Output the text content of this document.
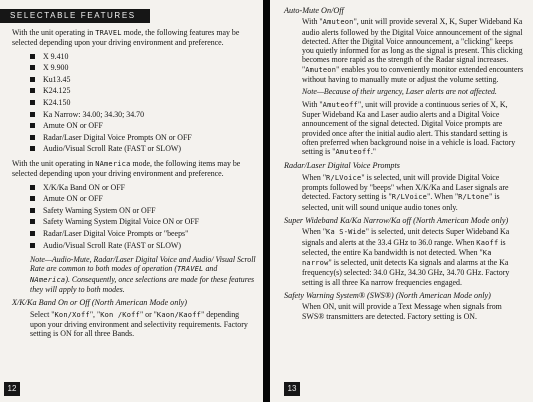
SELECTABLE FEATURES

With the unit operating in TRAVEL mode, the following features may be selected depending upon your driving environment and preference.

X 9.410
X 9.900
Ku13.45
K24.125
K24.150
Ka Narrow: 34.00; 34.30; 34.70
Amute ON or OFF
Radar/Laser Digital Voice Prompts ON or OFF
Audio/Visual Scroll Rate (FAST or SLOW)

With the unit operating in NAmerica mode, the following items may be selected depending upon your driving environment and preference.

X/K/Ka Band ON or OFF
Amute ON or OFF
Safety Warning System ON or OFF
Safety Warning System Digital Voice ON or OFF
Radar/Laser Digital Voice Prompts or "beeps"
Audio/Visual Scroll Rate (FAST or SLOW)

Note—Audio-Mute, Radar/Laser Digital Voice and Audio/ Visual Scroll Rate are common to both modes of operation (TRAVEL and NAmerica). Consequently, once selections are made for these features they will apply to both modes.

X/K/Ka Band On or Off (North American Mode only)

Select "Kon/Xoff", "Kon /Koff" or "Kaon/Kaoff" depending upon your driving environment and selectivity requirements. Factory setting is ON for all three Bands.

12
Auto-Mute On/Off

With "Amuteon", unit will provide several X, K, Super Wideband Ka audio alerts followed by the Digital Voice announcement of the signal detected. After the Digital Voice announcement, a "clicking" keeps you quietly informed for as long as the signal is present. This clicking becomes more rapid as the strength of the Radar signal increases. "Amuteon" enables you to conveniently monitor extended encounters without having to manually mute or adjust the volume setting.

Note—Because of their urgency, Laser alerts are not affected.

With "Amuteoff", unit will provide a continuous series of X, K, Super Wideband Ka and Laser audio alerts and a Digital Voice announcement of the signal detected. Digital Voice prompts are provided once after the initial audio alert. This standard setting is often preferred when background noise in a vehicle is load. Factory setting is "Amuteoff."

Radar/Laser Digital Voice Prompts

When "R/LVoice" is selected, unit will provide Digital Voice prompts followed by "beeps" when X/K/Ka and Laser signals are detected. Factory setting is "R/LVoice". When "R/Ltone" is selected, unit will sound unique audio tones only.

Super Wideband Ka/Ka Narrow/Ka off (North American Mode only)

When "Ka S-Wide" is selected, unit detects Super Wideband Ka signals and alerts at the 33.4 GHz to 36.0 range. When Kaoff is selected, the entire Ka bandwidth is not detected. When "Ka narrow" is selected, unit detects Ka signals and alarms at the Ka frequency(s) selected: 34.0 GHz, 34.30 GHz, 34.70 GHz. Factory setting is all three Ka narrow frequencies engaged.

Safety Warning System® (SWS®) (North American Mode only)

When ON, unit will provide a Text Message when signals from SWS® transmitters are detected. Factory setting is ON.

13
